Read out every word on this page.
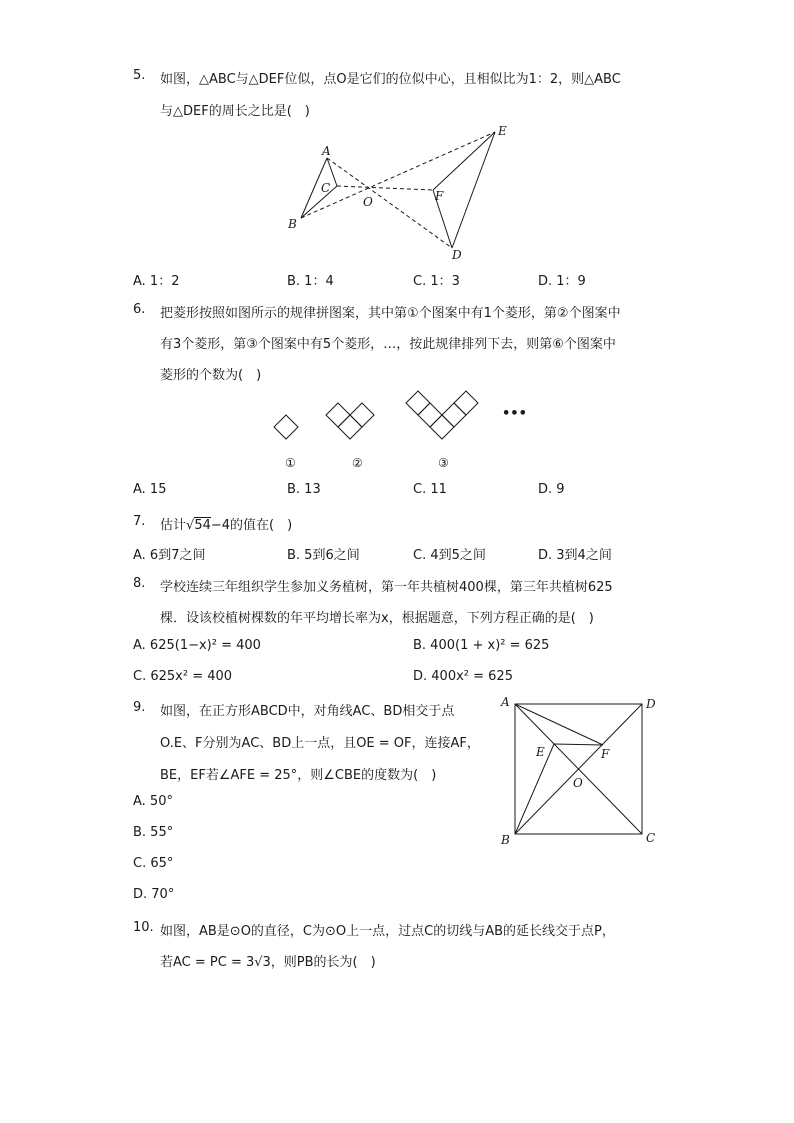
5. 如图，△ABC与△DEF位似，点O是它们的位似中心，且相似比为1：2，则△ABC
与△DEF的周长之比是(　)
A
C
B
O	F
E
D
A. 1：2	B. 1：4	C. 1：3	D. 1：9
6. 把菱形按照如图所示的规律拼图案，其中第①个图案中有1个菱形，第②个图案中
有3个菱形，第③个图案中有5个菱形，…，按此规律排列下去，则第⑥个图案中
菱形的个数为(　)
•••
①	②	③
A. 15	B. 13	C. 11	D. 9
7. 估计√54−4的值在(　)
A. 6到7之间	B. 5到6之间	C. 4到5之间	D. 3到4之间
8. 学校连续三年组织学生参加义务植树，第一年共植树400棵，第三年共植树625
棵．设该校植树棵数的年平均增长率为x，根据题意，下列方程正确的是(　)
A. 625(1−x)² = 400	B. 400(1 + x)² = 625
C. 625x² = 400	D. 400x² = 625
9. 如图，在正方形ABCD中，对角线AC、BD相交于点
O.E、F分别为AC、BD上一点，且OE = OF，连接AF，
BE，EF若∠AFE = 25°，则∠CBE的度数为(　)
A	D
E	F
O
B	C
A. 50°
B. 55°
C. 65°
D. 70°
10. 如图，AB是⊙O的直径，C为⊙O上一点，过点C的切线与AB的延长线交于点P，
若AC = PC = 3√3，则PB的长为(　)
